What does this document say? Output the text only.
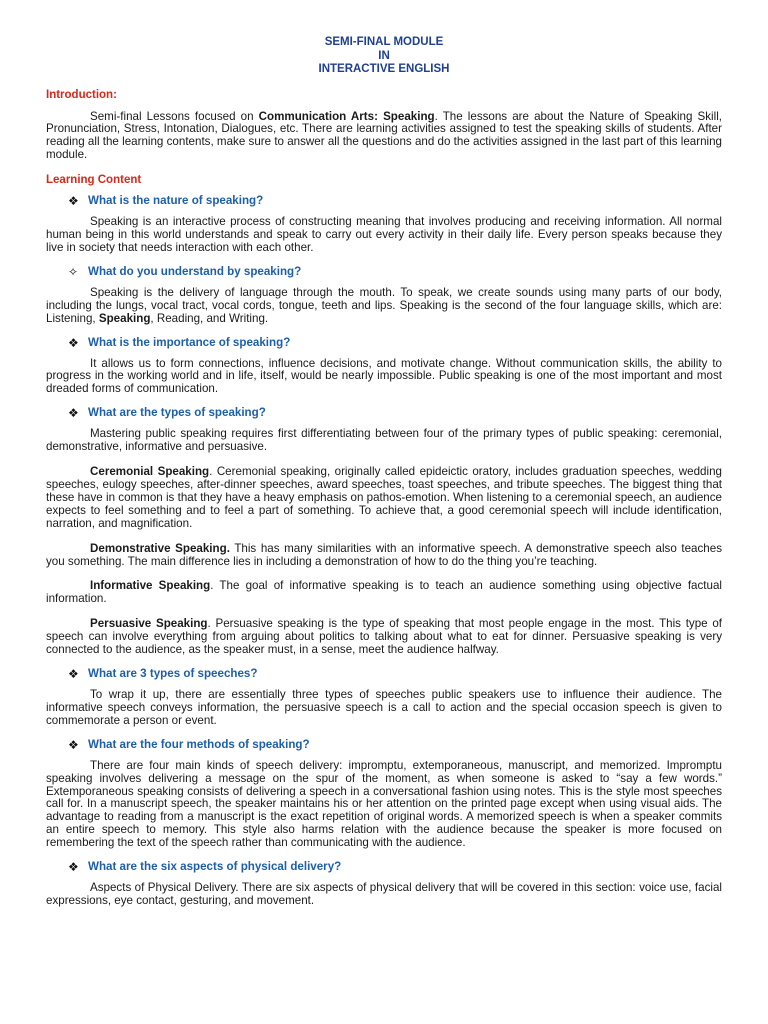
SEMI-FINAL MODULE
IN
INTERACTIVE ENGLISH
Introduction:

Semi-final Lessons focused on Communication Arts: Speaking. The lessons are about the Nature of Speaking Skill, Pronunciation, Stress, Intonation, Dialogues, etc. There are learning activities assigned to test the speaking skills of students. After reading all the learning contents, make sure to answer all the questions and do the activities assigned in the last part of this learning module.

Learning Content
❖ What is the nature of speaking?

Speaking is an interactive process of constructing meaning that involves producing and receiving information. All normal human being in this world understands and speak to carry out every activity in their daily life. Every person speaks because they live in society that needs interaction with each other.

✧ What do you understand by speaking?

Speaking is the delivery of language through the mouth. To speak, we create sounds using many parts of our body, including the lungs, vocal tract, vocal cords, tongue, teeth and lips. Speaking is the second of the four language skills, which are: Listening, Speaking, Reading, and Writing.

❖ What is the importance of speaking?

It allows us to form connections, influence decisions, and motivate change. Without communication skills, the ability to progress in the working world and in life, itself, would be nearly impossible. Public speaking is one of the most important and most dreaded forms of communication.

❖ What are the types of speaking?

Mastering public speaking requires first differentiating between four of the primary types of public speaking: ceremonial, demonstrative, informative and persuasive.

Ceremonial Speaking. Ceremonial speaking, originally called epideictic oratory, includes graduation speeches, wedding speeches, eulogy speeches, after-dinner speeches, award speeches, toast speeches, and tribute speeches. The biggest thing that these have in common is that they have a heavy emphasis on pathos-emotion. When listening to a ceremonial speech, an audience expects to feel something and to feel a part of something. To achieve that, a good ceremonial speech will include identification, narration, and magnification.

Demonstrative Speaking. This has many similarities with an informative speech. A demonstrative speech also teaches you something. The main difference lies in including a demonstration of how to do the thing you’re teaching.

Informative Speaking. The goal of informative speaking is to teach an audience something using objective factual information.

Persuasive Speaking. Persuasive speaking is the type of speaking that most people engage in the most. This type of speech can involve everything from arguing about politics to talking about what to eat for dinner. Persuasive speaking is very connected to the audience, as the speaker must, in a sense, meet the audience halfway.

❖ What are 3 types of speeches?

To wrap it up, there are essentially three types of speeches public speakers use to influence their audience. The informative speech conveys information, the persuasive speech is a call to action and the special occasion speech is given to commemorate a person or event.

❖ What are the four methods of speaking?

There are four main kinds of speech delivery: impromptu, extemporaneous, manuscript, and memorized. Impromptu speaking involves delivering a message on the spur of the moment, as when someone is asked to “say a few words.” Extemporaneous speaking consists of delivering a speech in a conversational fashion using notes. This is the style most speeches call for. In a manuscript speech, the speaker maintains his or her attention on the printed page except when using visual aids. The advantage to reading from a manuscript is the exact repetition of original words. A memorized speech is when a speaker commits an entire speech to memory. This style also harms relation with the audience because the speaker is more focused on remembering the text of the speech rather than communicating with the audience.

❖ What are the six aspects of physical delivery?

Aspects of Physical Delivery. There are six aspects of physical delivery that will be covered in this section: voice use, facial expressions, eye contact, gesturing, and movement.
